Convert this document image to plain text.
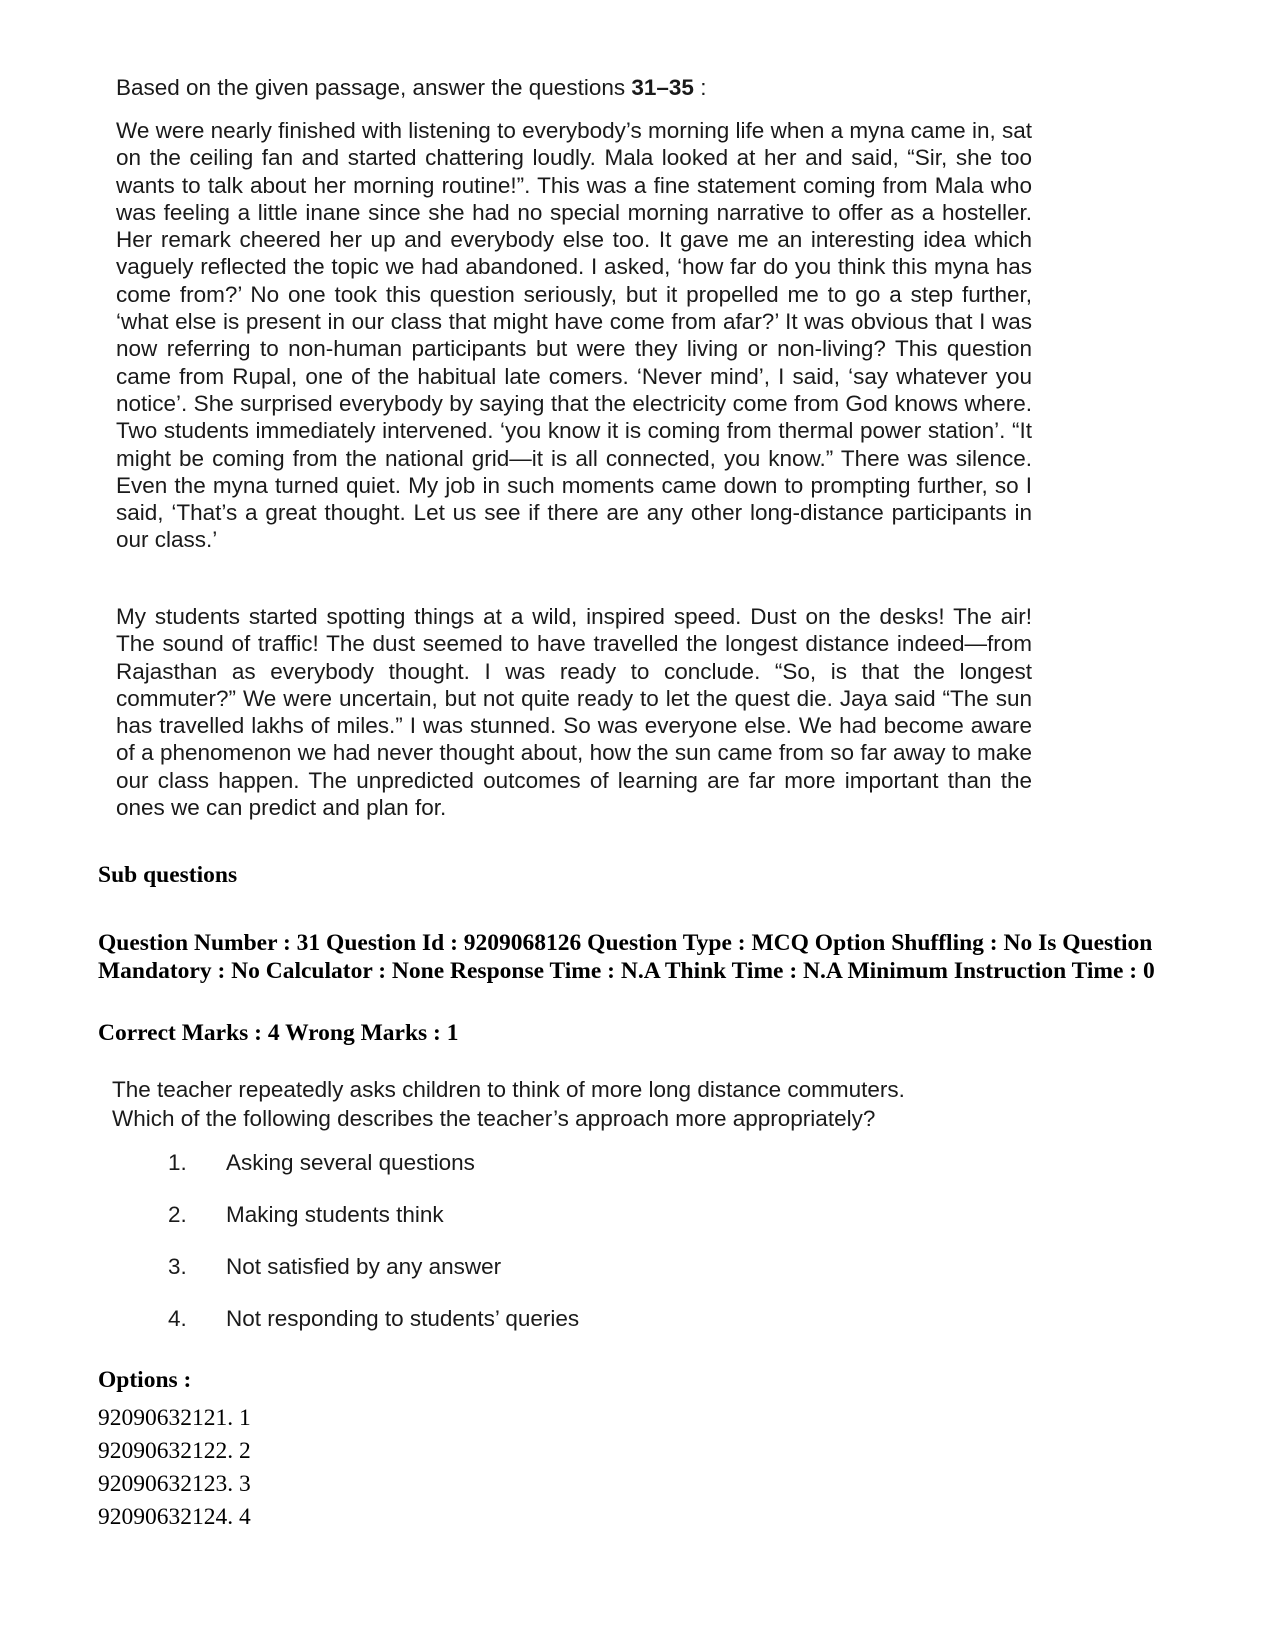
Based on the given passage, answer the questions 31–35 :
We were nearly finished with listening to everybody’s morning life when a myna came in, sat on the ceiling fan and started chattering loudly. Mala looked at her and said, “Sir, she too wants to talk about her morning routine!”. This was a fine statement coming from Mala who was feeling a little inane since she had no special morning narrative to offer as a hosteller. Her remark cheered her up and everybody else too. It gave me an interesting idea which vaguely reflected the topic we had abandoned. I asked, ‘how far do you think this myna has come from?’ No one took this question seriously, but it propelled me to go a step further, ‘what else is present in our class that might have come from afar?’ It was obvious that I was now referring to non-human participants but were they living or non-living? This question came from Rupal, one of the habitual late comers. ‘Never mind’, I said, ‘say whatever you notice’. She surprised everybody by saying that the electricity come from God knows where. Two students immediately intervened. ‘you know it is coming from thermal power station’. “It might be coming from the national grid—it is all connected, you know.” There was silence. Even the myna turned quiet. My job in such moments came down to prompting further, so I said, ‘That’s a great thought. Let us see if there are any other long-distance participants in our class.’
My students started spotting things at a wild, inspired speed. Dust on the desks! The air! The sound of traffic! The dust seemed to have travelled the longest distance indeed—from Rajasthan as everybody thought. I was ready to conclude. “So, is that the longest commuter?” We were uncertain, but not quite ready to let the quest die. Jaya said “The sun has travelled lakhs of miles.” I was stunned. So was everyone else. We had become aware of a phenomenon we had never thought about, how the sun came from so far away to make our class happen. The unpredicted outcomes of learning are far more important than the ones we can predict and plan for.
Sub questions
Question Number : 31 Question Id : 9209068126 Question Type : MCQ Option Shuffling : No Is Question Mandatory : No Calculator : None Response Time : N.A Think Time : N.A Minimum Instruction Time : 0
Correct Marks : 4 Wrong Marks : 1
The teacher repeatedly asks children to think of more long distance commuters.
Which of the following describes the teacher’s approach more appropriately?
1.	Asking several questions
2.	Making students think
3.	Not satisfied by any answer
4.	Not responding to students’ queries
Options :
92090632121. 1
92090632122. 2
92090632123. 3
92090632124. 4
